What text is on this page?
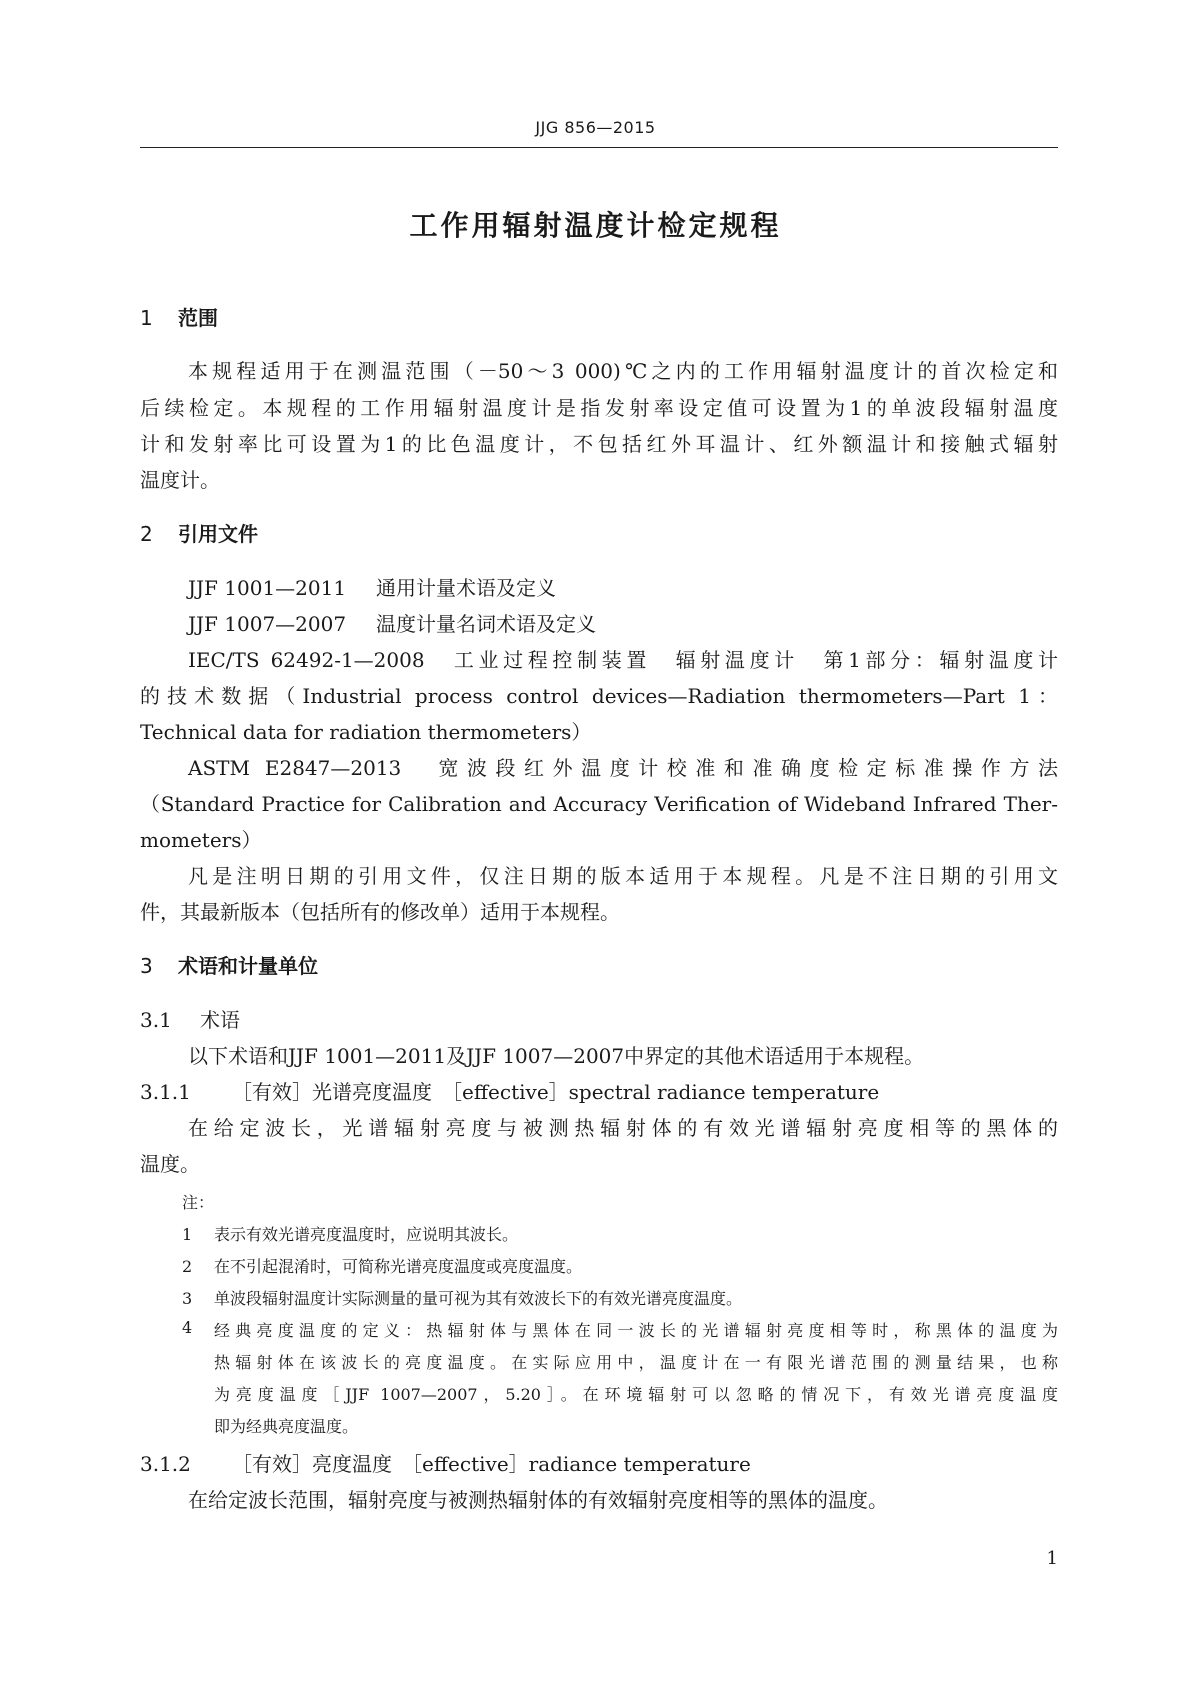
JJG 856—2015
工作用辐射温度计检定规程
1 范围
本规程适用于在测温范围（－50～3 000)℃之内的工作用辐射温度计的首次检定和
后续检定。本规程的工作用辐射温度计是指发射率设定值可设置为1的单波段辐射温度
计和发射率比可设置为1的比色温度计，不包括红外耳温计、红外额温计和接触式辐射
温度计。
2 引用文件
JJF 1001—2011 通用计量术语及定义
JJF 1007—2007 温度计量名词术语及定义
IEC/TS 62492-1—2008　工业过程控制装置　辐射温度计　第1部分：辐射温度计
的技术数据（Industrial process control devices—Radiation thermometers—Part 1：
Technical data for radiation thermometers）
ASTM E2847—2013　宽波段红外温度计校准和准确度检定标准操作方法
（Standard Practice for Calibration and Accuracy Verification of Wideband Infrared Ther-
mometers）
凡是注明日期的引用文件，仅注日期的版本适用于本规程。凡是不注日期的引用文
件，其最新版本（包括所有的修改单）适用于本规程。
3 术语和计量单位
3.1 术语
以下术语和JJF 1001—2011及JJF 1007—2007中界定的其他术语适用于本规程。
3.1.1 ［有效］光谱亮度温度　［effective］spectral radiance temperature
在给定波长，光谱辐射亮度与被测热辐射体的有效光谱辐射亮度相等的黑体的
温度。
注：
1 表示有效光谱亮度温度时，应说明其波长。
2 在不引起混淆时，可简称光谱亮度温度或亮度温度。
3 单波段辐射温度计实际测量的量可视为其有效波长下的有效光谱亮度温度。
4	经典亮度温度的定义：热辐射体与黑体在同一波长的光谱辐射亮度相等时，称黑体的温度为
热辐射体在该波长的亮度温度。在实际应用中，温度计在一有限光谱范围的测量结果，也称
为亮度温度［JJF 1007—2007，5.20］。在环境辐射可以忽略的情况下，有效光谱亮度温度
即为经典亮度温度。
3.1.2 ［有效］亮度温度　［effective］radiance temperature
在给定波长范围，辐射亮度与被测热辐射体的有效辐射亮度相等的黑体的温度。
1
